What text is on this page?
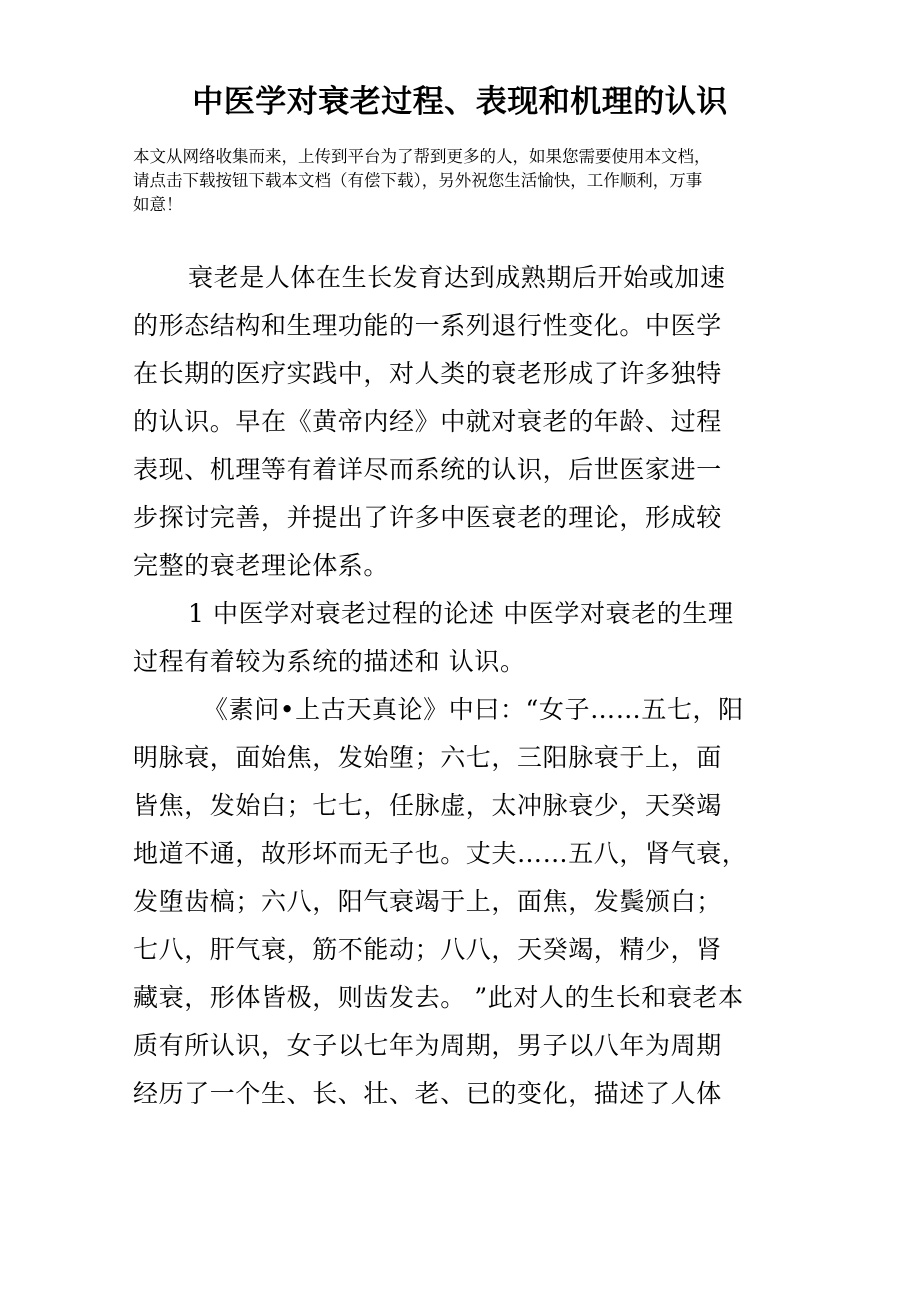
中医学对衰老过程、表现和机理的认识
本文从网络收集而来，上传到平台为了帮到更多的人，如果您需要使用本文档，
请点击下载按钮下载本文档（有偿下载），另外祝您生活愉快，工作顺利，万事
如意！
衰老是人体在生长发育达到成熟期后开始或加速
的形态结构和生理功能的一系列退行性变化。中医学
在长期的医疗实践中，对人类的衰老形成了许多独特
的认识。早在《黄帝内经》中就对衰老的年龄、过程
表现、机理等有着详尽而系统的认识，后世医家进一
步探讨完善，并提出了许多中医衰老的理论，形成较
完整的衰老理论体系。
1 中医学对衰老过程的论述 中医学对衰老的生理
过程有着较为系统的描述和 认识。
《素问•上古天真论》中曰：“女子……五七，阳
明脉衰，面始焦，发始堕；六七，三阳脉衰于上，面
皆焦，发始白；七七，任脉虚，太冲脉衰少，天癸竭
地道不通，故形坏而无子也。丈夫……五八，肾气衰，
发堕齿槁；六八，阳气衰竭于上，面焦，发鬓颁白；
七八，肝气衰，筋不能动；八八，天癸竭，精少，肾
藏衰，形体皆极，则齿发去。 ”此对人的生长和衰老本
质有所认识，女子以七年为周期，男子以八年为周期
经历了一个生、长、壮、老、已的变化，描述了人体
